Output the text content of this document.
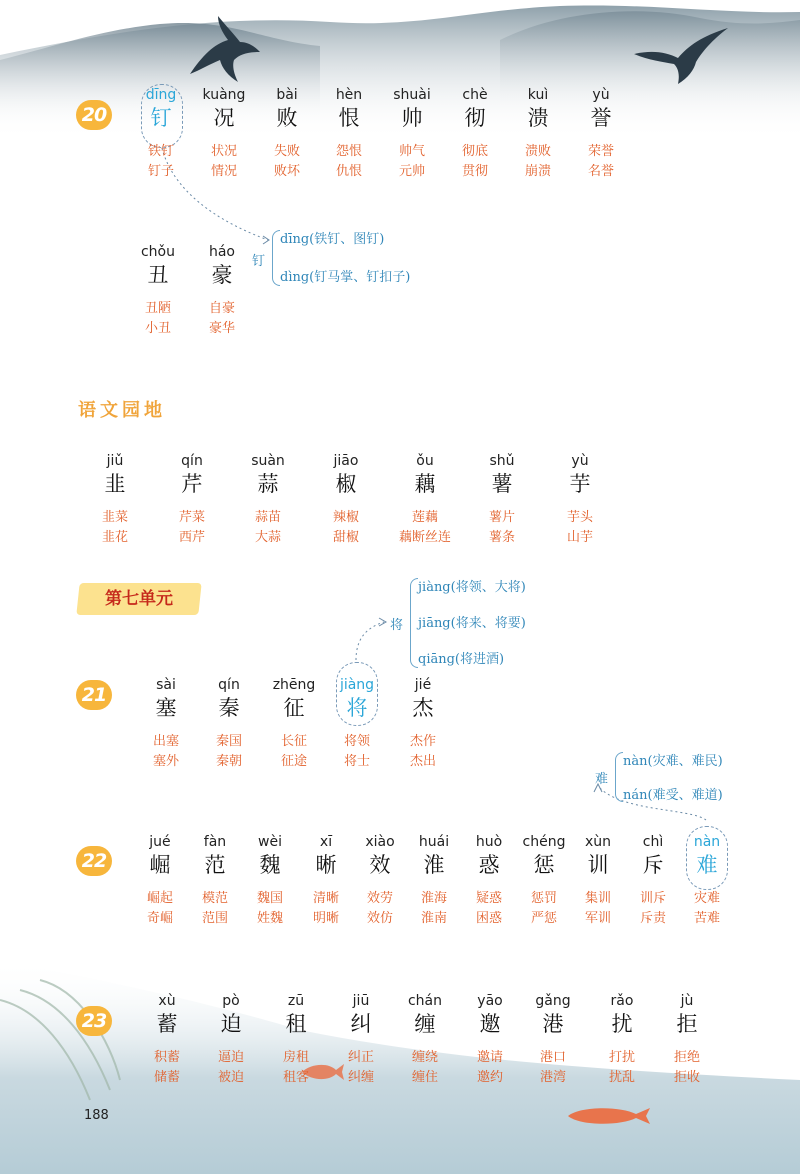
20
dīng
钉
铁钉
钉子
kuàng
况
状况
情况
bài
败
失败
败坏
hèn
恨
怨恨
仇恨
shuài
帅
帅气
元帅
chè
彻
彻底
贯彻
kuì
溃
溃败
崩溃
yù
誉
荣誉
名誉
chǒu
丑
丑陋
小丑
háo
豪
自豪
豪华
钉
dīng(铁钉、图钉)
dìng(钉马掌、钉扣子)
语文园地
jiǔ
韭
韭菜
韭花
qín
芹
芹菜
西芹
suàn
蒜
蒜苗
大蒜
jiāo
椒
辣椒
甜椒
ǒu
藕
莲藕
藕断丝连
shǔ
薯
薯片
薯条
yù
芋
芋头
山芋
第七单元
将
jiàng(将领、大将)
jiāng(将来、将要)
qiāng(将进酒)
21	sài
塞
出塞
塞外
qín
秦
秦国
秦朝
zhēng
征
长征
征途
jiàng
将
将领
将士
jié
杰
杰作
杰出
难
nàn(灾难、难民)
nán(难受、难道)
22
jué
崛
崛起
奇崛
fàn
范
模范
范围
wèi
魏
魏国
姓魏
xī
晰
清晰
明晰
xiào
效
效劳
效仿
huái
淮
淮海
淮南
huò
惑
疑惑
困惑
chéng
惩
惩罚
严惩
xùn
训
集训
军训
chì
斥
训斥
斥责
nàn
难
灾难
苦难
23
xù
蓄
积蓄
储蓄
pò
迫
逼迫
被迫
zū
租
房租
租客
jiū
纠
纠正
纠缠
chán
缠
缠绕
缠住
yāo
邀
邀请
邀约
gǎng
港
港口
港湾
rǎo
扰
打扰
扰乱
jù
拒
拒绝
拒收
188
